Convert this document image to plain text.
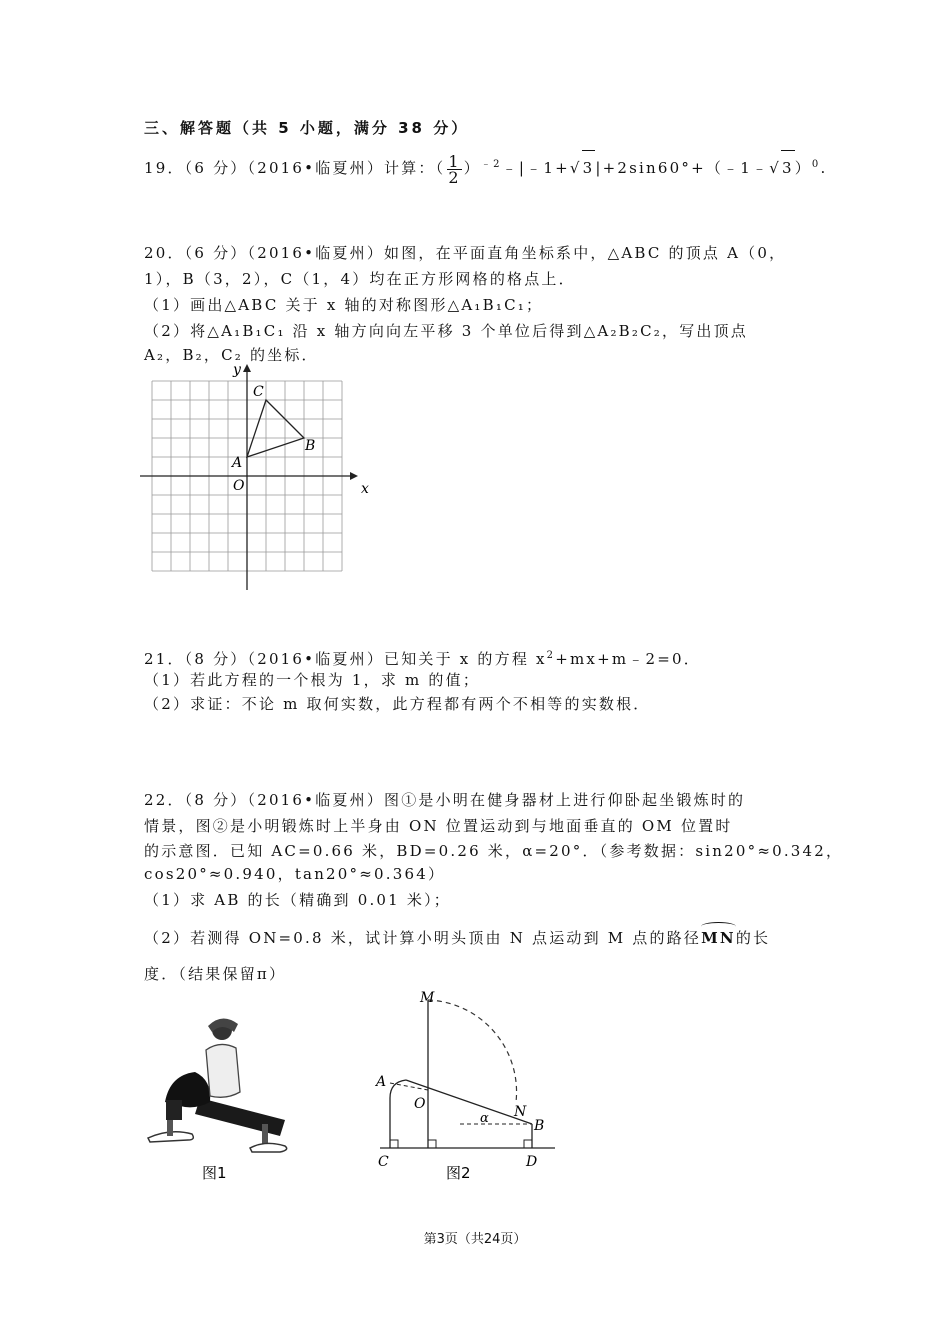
三、解答题（共 5 小题，满分 38 分）
19．（6 分）（2016•临夏州）计算：（ $\frac{1}{2}$ ）$^{﹣2}$﹣|﹣1+√3|+2sin60°+（﹣1﹣√3）$^0$.
20．（6 分）（2016•临夏州）如图，在平面直角坐标系中，△ABC 的顶点 A（0，
1），B（3，2），C（1，4）均在正方形网格的格点上．
（1）画出△ABC 关于 x 轴的对称图形△A₁B₁C₁；
（2）将△A₁B₁C₁ 沿 x 轴方向向左平移 3 个单位后得到△A₂B₂C₂，写出顶点
A₂，B₂，C₂ 的坐标．
x
y
O
A
B
C
21．（8 分）（2016•临夏州）已知关于 x 的方程 $x^2+mx+m﹣2=0$．
（1）若此方程的一个根为 1，求 m 的值；
（2）求证：不论 m 取何实数，此方程都有两个不相等的实数根．
22．（8 分）（2016•临夏州）图①是小明在健身器材上进行仰卧起坐锻炼时的
情景，图②是小明锻炼时上半身由 ON 位置运动到与地面垂直的 OM 位置时
的示意图．已知 AC=0.66 米，BD=0.26 米，α=20°．（参考数据：sin20°≈0.342，
cos20°≈0.940，tan20°≈0.364）
（1）求 AB 的长（精确到 0.01 米）；
（2）若测得 ON=0.8 米，试计算小明头顶由 N 点运动到 M 点的路径
MN的长
度．（结果保留π）
图1
M
A
O
α N
B
C	D
图2
第3页（共24页）
